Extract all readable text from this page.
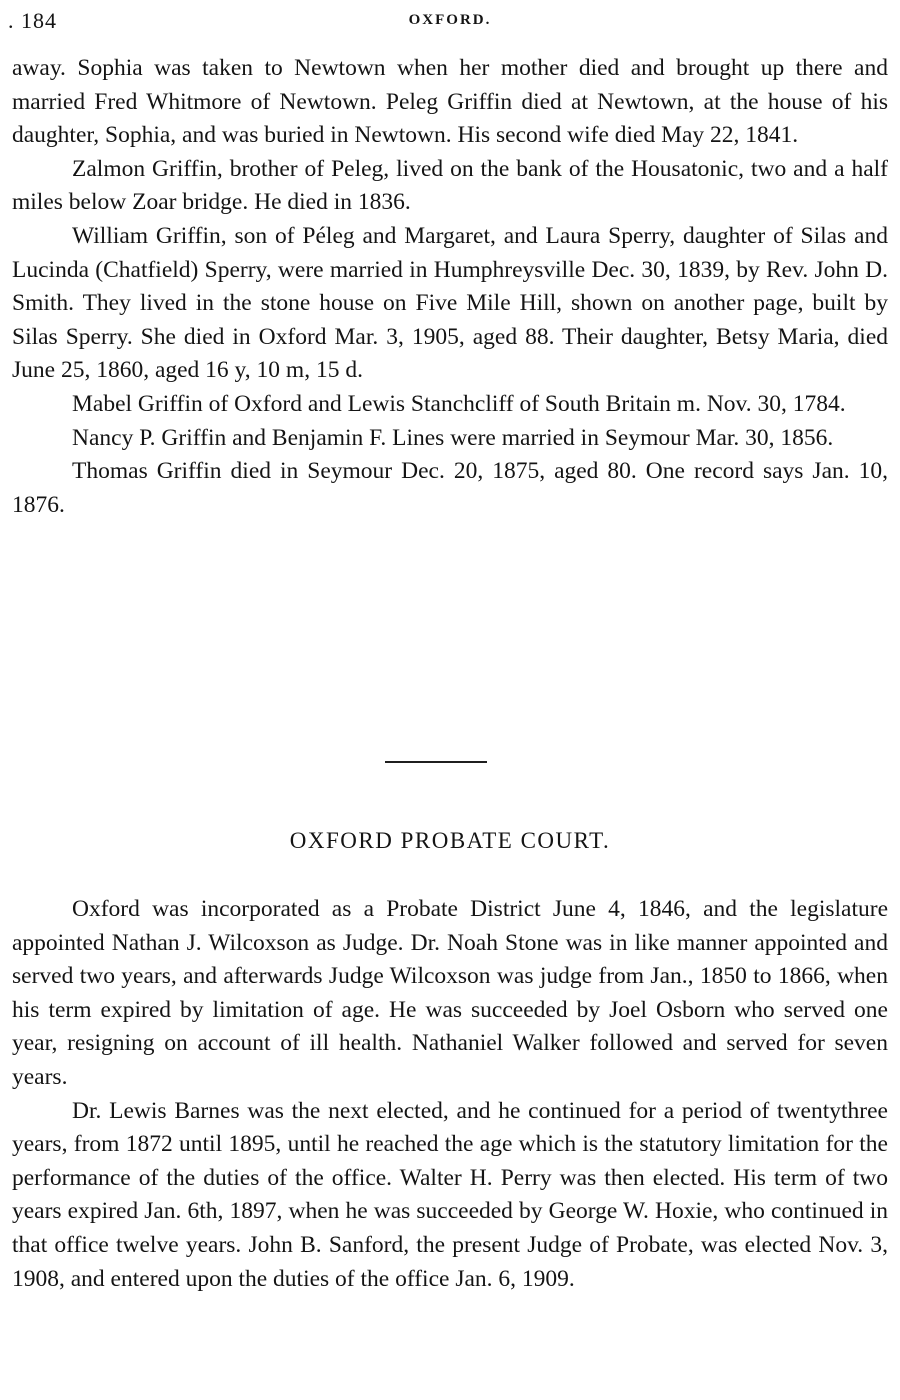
. 184	OXFORD.

away. Sophia was taken to Newtown when her mother died and brought up there and married Fred Whitmore of Newtown. Peleg Griffin died at Newtown, at the house of his daughter, Sophia, and was buried in Newtown. His second wife died May 22, 1841.

Zalmon Griffin, brother of Peleg, lived on the bank of the Housatonic, two and a half miles below Zoar bridge. He died in 1836.

William Griffin, son of Péleg and Margaret, and Laura Sperry, daughter of Silas and Lucinda (Chatfield) Sperry, were married in Humphreysville Dec. 30, 1839, by Rev. John D. Smith. They lived in the stone house on Five Mile Hill, shown on another page, built by Silas Sperry. She died in Oxford Mar. 3, 1905, aged 88. Their daughter, Betsy Maria, died June 25, 1860, aged 16 y, 10 m, 15 d.

Mabel Griffin of Oxford and Lewis Stanchcliff of South Britain m. Nov. 30, 1784.

Nancy P. Griffin and Benjamin F. Lines were married in Seymour Mar. 30, 1856.

Thomas Griffin died in Seymour Dec. 20, 1875, aged 80. One record says Jan. 10, 1876.

OXFORD PROBATE COURT.

Oxford was incorporated as a Probate District June 4, 1846, and the legislature appointed Nathan J. Wilcoxson as Judge. Dr. Noah Stone was in like manner appointed and served two years, and afterwards Judge Wilcoxson was judge from Jan., 1850 to 1866, when his term expired by limitation of age. He was succeeded by Joel Osborn who served one year, resigning on account of ill health. Nathaniel Walker followed and served for seven years.

Dr. Lewis Barnes was the next elected, and he continued for a period of twentythree years, from 1872 until 1895, until he reached the age which is the statutory limitation for the performance of the duties of the office. Walter H. Perry was then elected. His term of two years expired Jan. 6th, 1897, when he was succeeded by George W. Hoxie, who continued in that office twelve years. John B. Sanford, the present Judge of Probate, was elected Nov. 3, 1908, and entered upon the duties of the office Jan. 6, 1909.
